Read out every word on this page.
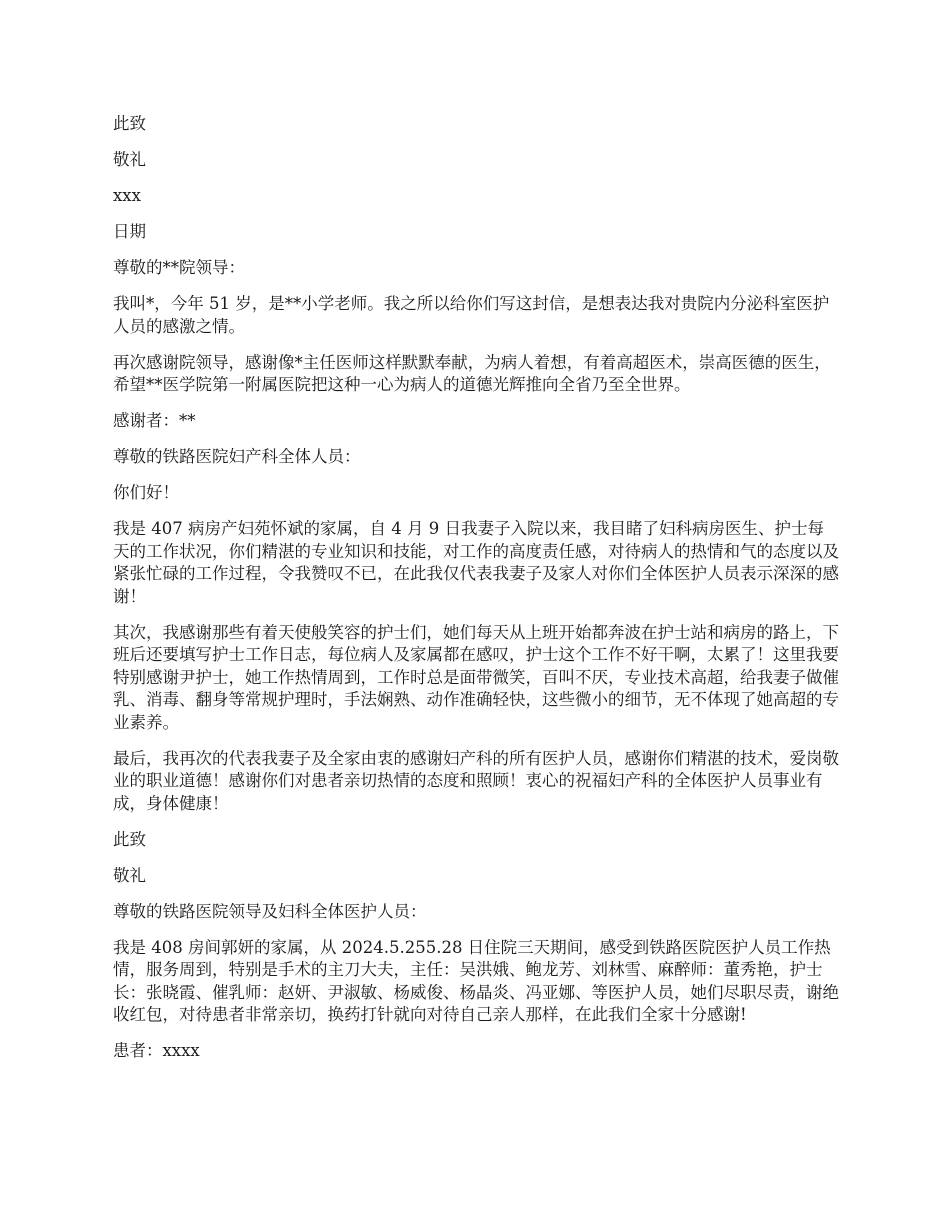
此致

敬礼

xxx

日期

尊敬的**院领导：

我叫*，今年 51 岁，是**小学老师。我之所以给你们写这封信，是想表达我对贵院内分泌科室医护人员的感激之情。

再次感谢院领导，感谢像*主任医师这样默默奉献，为病人着想，有着高超医术，崇高医德的医生，希望**医学院第一附属医院把这种一心为病人的道德光辉推向全省乃至全世界。

感谢者：**

尊敬的铁路医院妇产科全体人员：

你们好！

我是 407 病房产妇苑怀斌的家属，自 4 月 9 日我妻子入院以来，我目睹了妇科病房医生、护士每天的工作状况，你们精湛的专业知识和技能，对工作的高度责任感，对待病人的热情和气的态度以及紧张忙碌的工作过程，令我赞叹不已，在此我仅代表我妻子及家人对你们全体医护人员表示深深的感谢！

其次，我感谢那些有着天使般笑容的护士们，她们每天从上班开始都奔波在护士站和病房的路上，下班后还要填写护士工作日志，每位病人及家属都在感叹，护士这个工作不好干啊，太累了！这里我要特别感谢尹护士，她工作热情周到，工作时总是面带微笑，百叫不厌，专业技术高超，给我妻子做催乳、消毒、翻身等常规护理时，手法娴熟、动作准确轻快，这些微小的细节，无不体现了她高超的专业素养。

最后，我再次的代表我妻子及全家由衷的感谢妇产科的所有医护人员，感谢你们精湛的技术，爱岗敬业的职业道德！感谢你们对患者亲切热情的态度和照顾！衷心的祝福妇产科的全体医护人员事业有成，身体健康！

此致

敬礼

尊敬的铁路医院领导及妇科全体医护人员：

我是 408 房间郭妍的家属，从 2024.5.255.28 日住院三天期间，感受到铁路医院医护人员工作热情，服务周到，特别是手术的主刀大夫，主任：吴洪娥、鲍龙芳、刘林雪、麻醉师：董秀艳，护士长：张晓霞、催乳师：赵妍、尹淑敏、杨威俊、杨晶炎、冯亚娜、等医护人员，她们尽职尽责，谢绝收红包，对待患者非常亲切，换药打针就向对待自己亲人那样，在此我们全家十分感谢!

患者：xxxx
